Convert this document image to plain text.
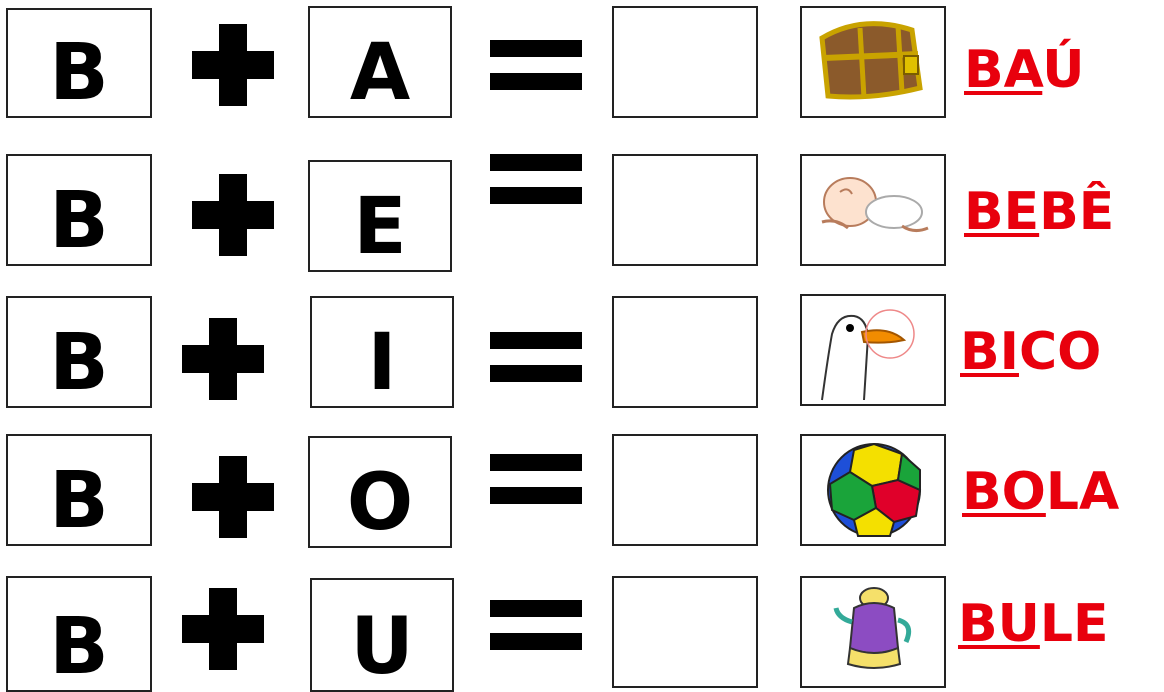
B	A	BAÚ
B	E	BEBÊ
B	I	BICO
B	O	BOLA
B	U	BULE
